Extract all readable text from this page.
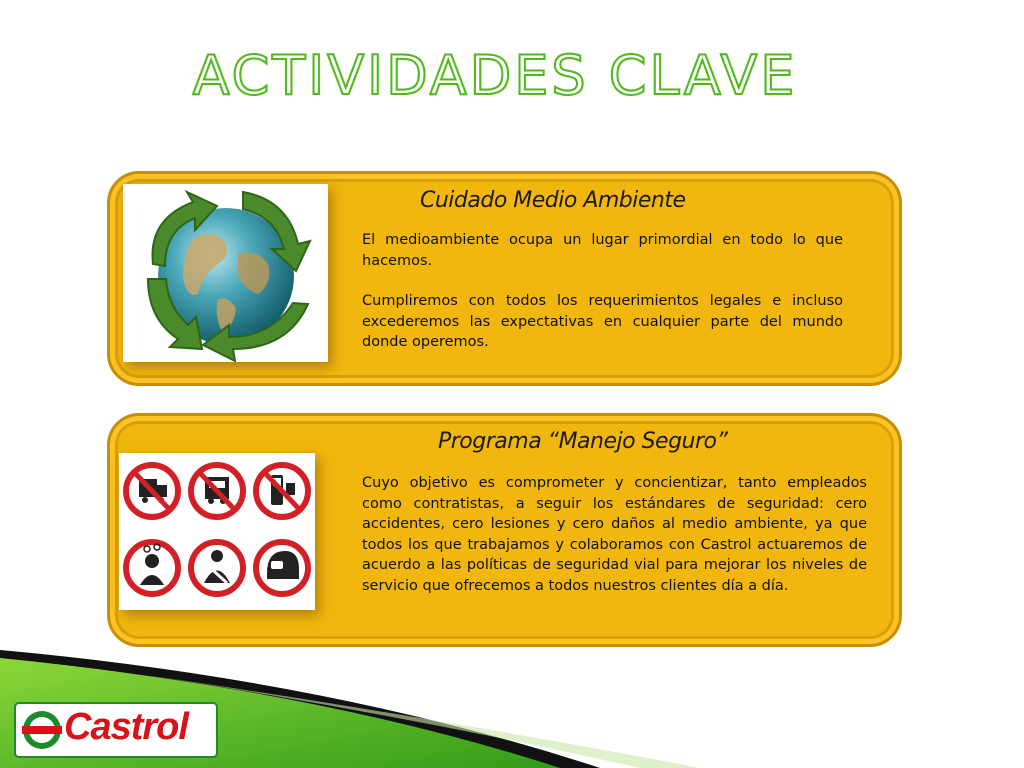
ACTIVIDADES CLAVE
Cuidado Medio Ambiente

El medioambiente ocupa un lugar primordial en todo lo que hacemos.

Cumpliremos con todos los requerimientos legales e incluso excederemos las expectativas en cualquier parte del mundo donde operemos.

Programa “Manejo Seguro”

Cuyo objetivo es comprometer y concientizar, tanto empleados como contratistas, a seguir los estándares de seguridad: cero accidentes, cero lesiones y cero daños al medio ambiente, ya que todos los que trabajamos y colaboramos con Castrol actuaremos de acuerdo a las políticas de seguridad vial para mejorar los niveles de servicio que ofrecemos a todos nuestros clientes día a día.

Castrol
